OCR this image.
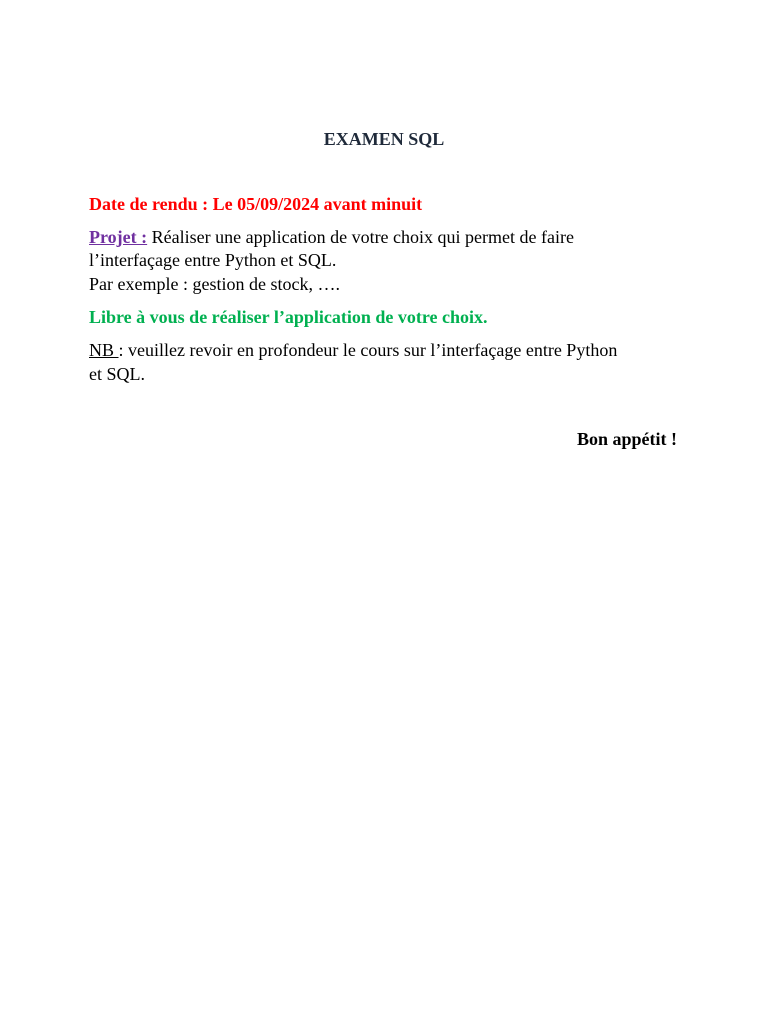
EXAMEN SQL
Date de rendu : Le 05/09/2024 avant minuit
Projet : Réaliser une application de votre choix qui permet de faire
l’interfaçage entre Python et SQL.
Par exemple : gestion de stock, ….
Libre à vous de réaliser l’application de votre choix.
NB : veuillez revoir en profondeur le cours sur l’interfaçage entre Python
et SQL.
Bon appétit !
